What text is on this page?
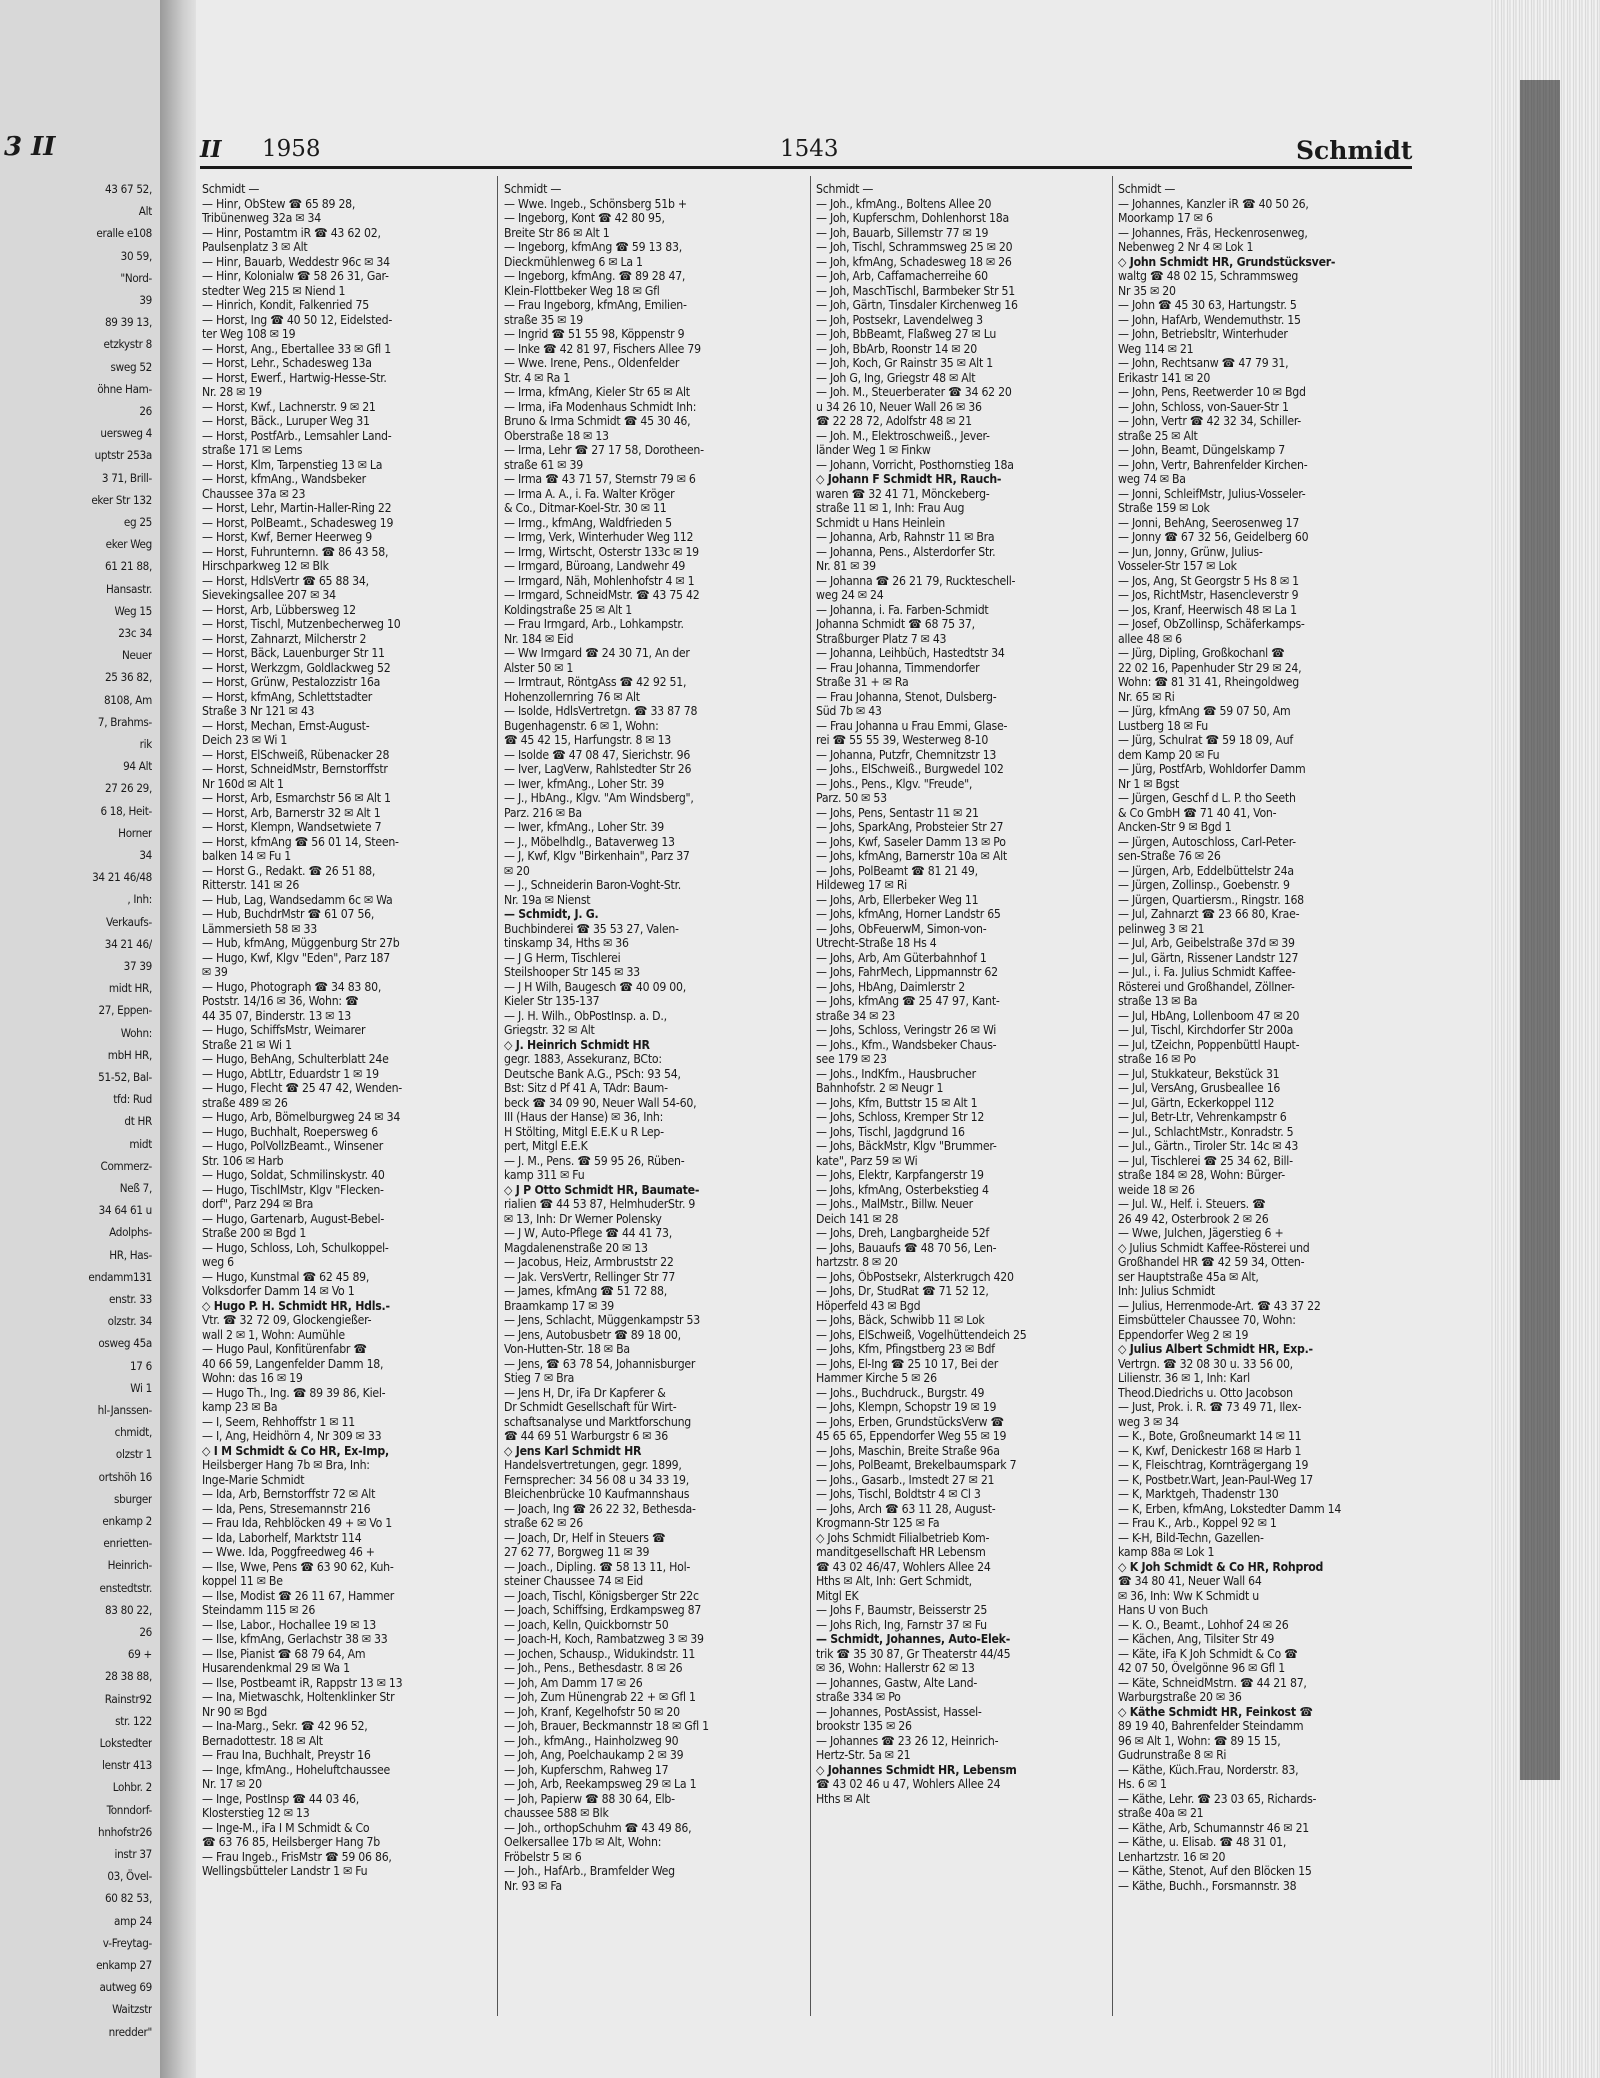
3 II
43 67 52,
Alt
eralle e108
30 59,
"Nord-
39
89 39 13,
etzkystr 8
sweg 52
öhne Ham-
26
uersweg 4
uptstr 253a
3 71, Brill-
eker Str 132
eg 25
eker Weg
61 21 88,
Hansastr.
Weg 15
23c 34
Neuer
25 36 82,
8108, Am
7, Brahms-
rik
94 Alt
27 26 29,
6 18, Heit-
Horner
34
34 21 46/48
, Inh:
Verkaufs-
34 21 46/
37 39
midt HR,
27, Eppen-
Wohn:
mbH HR,
51-52, Bal-
tfd: Rud
dt HR
midt
Commerz-
Neß 7,
34 64 61 u
Adolphs-
HR, Has-
endamm131
enstr. 33
olzstr. 34
osweg 45a
17 6
Wi 1
hl-Janssen-
chmidt,
olzstr 1
ortshöh 16
sburger
enkamp 2
enrietten-
Heinrich-
enstedtstr.
83 80 22,
26
69 +
28 38 88,
Rainstr92
str. 122
Lokstedter
lenstr 413
Lohbr. 2
Tonndorf-
hnhofstr26
instr 37
03, Övel-
60 82 53,
amp 24
v-Freytag-
enkamp 27
autweg 69
Waitzstr
nredder"
II 1958	1543	Schmidt
Schmidt —
— Hinr, ObStew ☎ 65 89 28,
Tribünenweg 32a ✉ 34
— Hinr, Postamtm iR ☎ 43 62 02,
Paulsenplatz 3 ✉ Alt
— Hinr, Bauarb, Weddestr 96c ✉ 34
— Hinr, Kolonialw ☎ 58 26 31, Gar-
stedter Weg 215 ✉ Niend 1
— Hinrich, Kondit, Falkenried 75
— Horst, Ing ☎ 40 50 12, Eidelsted-
ter Weg 108 ✉ 19
— Horst, Ang., Ebertallee 33 ✉ Gfl 1
— Horst, Lehr., Schadesweg 13a
— Horst, Ewerf., Hartwig-Hesse-Str.
Nr. 28 ✉ 19
— Horst, Kwf., Lachnerstr. 9 ✉ 21
— Horst, Bäck., Luruper Weg 31
— Horst, PostfArb., Lemsahler Land-
straße 171 ✉ Lems
— Horst, Klm, Tarpenstieg 13 ✉ La
— Horst, kfmAng., Wandsbeker
Chaussee 37a ✉ 23
— Horst, Lehr, Martin-Haller-Ring 22
— Horst, PolBeamt., Schadesweg 19
— Horst, Kwf, Berner Heerweg 9
— Horst, Fuhrunternn. ☎ 86 43 58,
Hirschparkweg 12 ✉ Blk
— Horst, HdlsVertr ☎ 65 88 34,
Sievekingsallee 207 ✉ 34
— Horst, Arb, Lübbersweg 12
— Horst, Tischl, Mutzenbecherweg 10
— Horst, Zahnarzt, Milcherstr 2
— Horst, Bäck, Lauenburger Str 11
— Horst, Werkzgm, Goldlackweg 52
— Horst, Grünw, Pestalozzistr 16a
— Horst, kfmAng, Schlettstadter
Straße 3 Nr 121 ✉ 43
— Horst, Mechan, Ernst-August-
Deich 23 ✉ Wi 1
— Horst, ElSchweiß, Rübenacker 28
— Horst, SchneidMstr, Bernstorffstr
Nr 160d ✉ Alt 1
— Horst, Arb, Esmarchstr 56 ✉ Alt 1
— Horst, Arb, Barnerstr 32 ✉ Alt 1
— Horst, Klempn, Wandsetwiete 7
— Horst, kfmAng ☎ 56 01 14, Steen-
balken 14 ✉ Fu 1
— Horst G., Redakt. ☎ 26 51 88,
Ritterstr. 141 ✉ 26
— Hub, Lag, Wandsedamm 6c ✉ Wa
— Hub, BuchdrMstr ☎ 61 07 56,
Lämmersieth 58 ✉ 33
— Hub, kfmAng, Müggenburg Str 27b
— Hugo, Kwf, Klgv "Eden", Parz 187
✉ 39
— Hugo, Photograph ☎ 34 83 80,
Poststr. 14/16 ✉ 36, Wohn: ☎
44 35 07, Binderstr. 13 ✉ 13
— Hugo, SchiffsMstr, Weimarer
Straße 21 ✉ Wi 1
— Hugo, BehAng, Schulterblatt 24e
— Hugo, AbtLtr, Eduardstr 1 ✉ 19
— Hugo, Flecht ☎ 25 47 42, Wenden-
straße 489 ✉ 26
— Hugo, Arb, Bömelburgweg 24 ✉ 34
— Hugo, Buchhalt, Roepersweg 6
— Hugo, PolVollzBeamt., Winsener
Str. 106 ✉ Harb
— Hugo, Soldat, Schmilinskystr. 40
— Hugo, TischlMstr, Klgv "Flecken-
dorf", Parz 294 ✉ Bra
— Hugo, Gartenarb, August-Bebel-
Straße 200 ✉ Bgd 1
— Hugo, Schloss, Loh, Schulkoppel-
weg 6
— Hugo, Kunstmal ☎ 62 45 89,
Volksdorfer Damm 14 ✉ Vo 1
◇ Hugo P. H. Schmidt HR, Hdls.-
Vtr. ☎ 32 72 09, Glockengießer-
wall 2 ✉ 1, Wohn: Aumühle
— Hugo Paul, Konfitürenfabr ☎
40 66 59, Langenfelder Damm 18,
Wohn: das 16 ✉ 19
— Hugo Th., Ing. ☎ 89 39 86, Kiel-
kamp 23 ✉ Ba
— I, Seem, Rehhoffstr 1 ✉ 11
— I, Ang, Heidhörn 4, Nr 309 ✉ 33
◇ I M Schmidt & Co HR, Ex-Imp,
Heilsberger Hang 7b ✉ Bra, Inh:
Inge-Marie Schmidt
— Ida, Arb, Bernstorffstr 72 ✉ Alt
— Ida, Pens, Stresemannstr 216
— Frau Ida, Rehblöcken 49 + ✉ Vo 1
— Ida, Laborhelf, Marktstr 114
— Wwe. Ida, Poggfreedweg 46 +
— Ilse, Wwe, Pens ☎ 63 90 62, Kuh-
koppel 11 ✉ Be
— Ilse, Modist ☎ 26 11 67, Hammer
Steindamm 115 ✉ 26
— Ilse, Labor., Hochallee 19 ✉ 13
— Ilse, kfmAng, Gerlachstr 38 ✉ 33
— Ilse, Pianist ☎ 68 79 64, Am
Husarendenkmal 29 ✉ Wa 1
— Ilse, Postbeamt iR, Rappstr 13 ✉ 13
— Ina, Mietwaschk, Holtenklinker Str
Nr 90 ✉ Bgd
— Ina-Marg., Sekr. ☎ 42 96 52,
Bernadottestr. 18 ✉ Alt
— Frau Ina, Buchhalt, Preystr 16
— Inge, kfmAng., Hoheluftchaussee
Nr. 17 ✉ 20
— Inge, PostInsp ☎ 44 03 46,
Klosterstieg 12 ✉ 13
— Inge-M., iFa I M Schmidt & Co
☎ 63 76 85, Heilsberger Hang 7b
— Frau Ingeb., FrisMstr ☎ 59 06 86,
Wellingsbütteler Landstr 1 ✉ Fu
Schmidt —
— Wwe. Ingeb., Schönsberg 51b +
— Ingeborg, Kont ☎ 42 80 95,
Breite Str 86 ✉ Alt 1
— Ingeborg, kfmAng ☎ 59 13 83,
Dieckmühlenweg 6 ✉ La 1
— Ingeborg, kfmAng. ☎ 89 28 47,
Klein-Flottbeker Weg 18 ✉ Gfl
— Frau Ingeborg, kfmAng, Emilien-
straße 35 ✉ 19
— Ingrid ☎ 51 55 98, Köppenstr 9
— Inke ☎ 42 81 97, Fischers Allee 79
— Wwe. Irene, Pens., Oldenfelder
Str. 4 ✉ Ra 1
— Irma, kfmAng, Kieler Str 65 ✉ Alt
— Irma, iFa Modenhaus Schmidt Inh:
Bruno & Irma Schmidt ☎ 45 30 46,
Oberstraße 18 ✉ 13
— Irma, Lehr ☎ 27 17 58, Dorotheen-
straße 61 ✉ 39
— Irma ☎ 43 71 57, Sternstr 79 ✉ 6
— Irma A. A., i. Fa. Walter Kröger
& Co., Ditmar-Koel-Str. 30 ✉ 11
— Irmg., kfmAng, Waldfrieden 5
— Irmg, Verk, Winterhuder Weg 112
— Irmg, Wirtscht, Osterstr 133c ✉ 19
— Irmgard, Büroang, Landwehr 49
— Irmgard, Näh, Mohlenhofstr 4 ✉ 1
— Irmgard, SchneidMstr. ☎ 43 75 42
Koldingstraße 25 ✉ Alt 1
— Frau Irmgard, Arb., Lohkampstr.
Nr. 184 ✉ Eid
— Ww Irmgard ☎ 24 30 71, An der
Alster 50 ✉ 1
— Irmtraut, RöntgAss ☎ 42 92 51,
Hohenzollernring 76 ✉ Alt
— Isolde, HdlsVertretgn. ☎ 33 87 78
Bugenhagenstr. 6 ✉ 1, Wohn:
☎ 45 42 15, Harfungstr. 8 ✉ 13
— Isolde ☎ 47 08 47, Sierichstr. 96
— Iver, LagVerw, Rahlstedter Str 26
— Iwer, kfmAng., Loher Str. 39
— J., HbAng., Klgv. "Am Windsberg",
Parz. 216 ✉ Ba
— Iwer, kfmAng., Loher Str. 39
— J., Möbelhdlg., Bataverweg 13
— J, Kwf, Klgv "Birkenhain", Parz 37
✉ 20
— J., Schneiderin Baron-Voght-Str.
Nr. 19a ✉ Nienst
— Schmidt, J. G.
Buchbinderei ☎ 35 53 27, Valen-
tinskamp 34, Hths ✉ 36
— J G Herm, Tischlerei
Steilshooper Str 145 ✉ 33
— J H Wilh, Baugesch ☎ 40 09 00,
Kieler Str 135-137
— J. H. Wilh., ObPostInsp. a. D.,
Griegstr. 32 ✉ Alt
◇ J. Heinrich Schmidt HR
gegr. 1883, Assekuranz, BCto:
Deutsche Bank A.G., PSch: 93 54,
Bst: Sitz d Pf 41 A, TAdr: Baum-
beck ☎ 34 09 90, Neuer Wall 54-60,
III (Haus der Hanse) ✉ 36, Inh:
H Stölting, Mitgl E.E.K u R Lep-
pert, Mitgl E.E.K
— J. M., Pens. ☎ 59 95 26, Rüben-
kamp 311 ✉ Fu
◇ J P Otto Schmidt HR, Baumate-
rialien ☎ 44 53 87, HelmhuderStr. 9
✉ 13, Inh: Dr Werner Polensky
— J W, Auto-Pflege ☎ 44 41 73,
Magdalenenstraße 20 ✉ 13
— Jacobus, Heiz, Armbruststr 22
— Jak. VersVertr, Rellinger Str 77
— James, kfmAng ☎ 51 72 88,
Braamkamp 17 ✉ 39
— Jens, Schlacht, Müggenkampstr 53
— Jens, Autobusbetr ☎ 89 18 00,
Von-Hutten-Str. 18 ✉ Ba
— Jens, ☎ 63 78 54, Johannisburger
Stieg 7 ✉ Bra
— Jens H, Dr, iFa Dr Kapferer &
Dr Schmidt Gesellschaft für Wirt-
schaftsanalyse und Marktforschung
☎ 44 69 51 Warburgstr 6 ✉ 36
◇ Jens Karl Schmidt HR
Handelsvertretungen, gegr. 1899,
Fernsprecher: 34 56 08 u 34 33 19,
Bleichenbrücke 10 Kaufmannshaus
— Joach, Ing ☎ 26 22 32, Bethesda-
straße 62 ✉ 26
— Joach, Dr, Helf in Steuers ☎
27 62 77, Borgweg 11 ✉ 39
— Joach., Dipling. ☎ 58 13 11, Hol-
steiner Chaussee 74 ✉ Eid
— Joach, Tischl, Königsberger Str 22c
— Joach, Schiffsing, Erdkampsweg 87
— Joach, Kelln, Quickbornstr 50
— Joach-H, Koch, Rambatzweg 3 ✉ 39
— Jochen, Schausp., Widukindstr. 11
— Joh., Pens., Bethesdastr. 8 ✉ 26
— Joh, Am Damm 17 ✉ 26
— Joh, Zum Hünengrab 22 + ✉ Gfl 1
— Joh, Kranf, Kegelhofstr 50 ✉ 20
— Joh, Brauer, Beckmannstr 18 ✉ Gfl 1
— Joh., kfmAng., Hainholzweg 90
— Joh, Ang, Poelchaukamp 2 ✉ 39
— Joh, Kupferschm, Rahweg 17
— Joh, Arb, Reekampsweg 29 ✉ La 1
— Joh, Papierw ☎ 88 30 64, Elb-
chaussee 588 ✉ Blk
— Joh., orthopSchuhm ☎ 43 49 86,
Oelkersallee 17b ✉ Alt, Wohn:
Fröbelstr 5 ✉ 6
— Joh., HafArb., Bramfelder Weg
Nr. 93 ✉ Fa
Schmidt —
— Joh., kfmAng., Boltens Allee 20
— Joh, Kupferschm, Dohlenhorst 18a
— Joh, Bauarb, Sillemstr 77 ✉ 19
— Joh, Tischl, Schrammsweg 25 ✉ 20
— Joh, kfmAng, Schadesweg 18 ✉ 26
— Joh, Arb, Caffamacherreihe 60
— Joh, MaschTischl, Barmbeker Str 51
— Joh, Gärtn, Tinsdaler Kirchenweg 16
— Joh, Postsekr, Lavendelweg 3
— Joh, BbBeamt, Flaßweg 27 ✉ Lu
— Joh, BbArb, Roonstr 14 ✉ 20
— Joh, Koch, Gr Rainstr 35 ✉ Alt 1
— Joh G, Ing, Griegstr 48 ✉ Alt
— Joh. M., Steuerberater ☎ 34 62 20
u 34 26 10, Neuer Wall 26 ✉ 36
☎ 22 28 72, Adolfstr 48 ✉ 21
— Joh. M., Elektroschweiß., Jever-
länder Weg 1 ✉ Finkw
— Johann, Vorricht, Posthornstieg 18a
◇ Johann F Schmidt HR, Rauch-
waren ☎ 32 41 71, Mönckeberg-
straße 11 ✉ 1, Inh: Frau Aug
Schmidt u Hans Heinlein
— Johanna, Arb, Rahnstr 11 ✉ Bra
— Johanna, Pens., Alsterdorfer Str.
Nr. 81 ✉ 39
— Johanna ☎ 26 21 79, Ruckteschell-
weg 24 ✉ 24
— Johanna, i. Fa. Farben-Schmidt
Johanna Schmidt ☎ 68 75 37,
Straßburger Platz 7 ✉ 43
— Johanna, Leihbüch, Hastedtstr 34
— Frau Johanna, Timmendorfer
Straße 31 + ✉ Ra
— Frau Johanna, Stenot, Dulsberg-
Süd 7b ✉ 43
— Frau Johanna u Frau Emmi, Glase-
rei ☎ 55 55 39, Westerweg 8-10
— Johanna, Putzfr, Chemnitzstr 13
— Johs., ElSchweiß., Burgwedel 102
— Johs., Pens., Klgv. "Freude",
Parz. 50 ✉ 53
— Johs, Pens, Sentastr 11 ✉ 21
— Johs, SparkAng, Probsteier Str 27
— Johs, Kwf, Saseler Damm 13 ✉ Po
— Johs, kfmAng, Barnerstr 10a ✉ Alt
— Johs, PolBeamt ☎ 81 21 49,
Hildeweg 17 ✉ Ri
— Johs, Arb, Ellerbeker Weg 11
— Johs, kfmAng, Horner Landstr 65
— Johs, ObFeuerwM, Simon-von-
Utrecht-Straße 18 Hs 4
— Johs, Arb, Am Güterbahnhof 1
— Johs, FahrMech, Lippmannstr 62
— Johs, HbAng, Daimlerstr 2
— Johs, kfmAng ☎ 25 47 97, Kant-
straße 34 ✉ 23
— Johs, Schloss, Veringstr 26 ✉ Wi
— Johs., Kfm., Wandsbeker Chaus-
see 179 ✉ 23
— Johs., IndKfm., Hausbrucher
Bahnhofstr. 2 ✉ Neugr 1
— Johs, Kfm, Buttstr 15 ✉ Alt 1
— Johs, Schloss, Kremper Str 12
— Johs, Tischl, Jagdgrund 16
— Johs, BäckMstr, Klgv "Brummer-
kate", Parz 59 ✉ Wi
— Johs, Elektr, Karpfangerstr 19
— Johs, kfmAng, Osterbekstieg 4
— Johs., MalMstr., Billw. Neuer
Deich 141 ✉ 28
— Johs, Dreh, Langbargheide 52f
— Johs, Bauaufs ☎ 48 70 56, Len-
hartzstr. 8 ✉ 20
— Johs, ÖbPostsekr, Alsterkrugch 420
— Johs, Dr, StudRat ☎ 71 52 12,
Höperfeld 43 ✉ Bgd
— Johs, Bäck, Schwibb 11 ✉ Lok
— Johs, ElSchweiß, Vogelhüttendeich 25
— Johs, Kfm, Pfingstberg 23 ✉ Bdf
— Johs, El-Ing ☎ 25 10 17, Bei der
Hammer Kirche 5 ✉ 26
— Johs., Buchdruck., Burgstr. 49
— Johs, Klempn, Schopstr 19 ✉ 19
— Johs, Erben, GrundstücksVerw ☎
45 65 65, Eppendorfer Weg 55 ✉ 19
— Johs, Maschin, Breite Straße 96a
— Johs, PolBeamt, Brekelbaumspark 7
— Johs., Gasarb., Imstedt 27 ✉ 21
— Johs, Tischl, Boldtstr 4 ✉ Cl 3
— Johs, Arch ☎ 63 11 28, August-
Krogmann-Str 125 ✉ Fa
◇ Johs Schmidt Filialbetrieb Kom-
manditgesellschaft HR Lebensm
☎ 43 02 46/47, Wohlers Allee 24
Hths ✉ Alt, Inh: Gert Schmidt,
Mitgl EK
— Johs F, Baumstr, Beisserstr 25
— Johs Rich, Ing, Farnstr 37 ✉ Fu
— Schmidt, Johannes, Auto-Elek-
trik ☎ 35 30 87, Gr Theaterstr 44/45
✉ 36, Wohn: Hallerstr 62 ✉ 13
— Johannes, Gastw, Alte Land-
straße 334 ✉ Po
— Johannes, PostAssist, Hassel-
brookstr 135 ✉ 26
— Johannes ☎ 23 26 12, Heinrich-
Hertz-Str. 5a ✉ 21
◇ Johannes Schmidt HR, Lebensm
☎ 43 02 46 u 47, Wohlers Allee 24
Hths ✉ Alt
Schmidt —
— Johannes, Kanzler iR ☎ 40 50 26,
Moorkamp 17 ✉ 6
— Johannes, Fräs, Heckenrosenweg,
Nebenweg 2 Nr 4 ✉ Lok 1
◇ John Schmidt HR, Grundstücksver-
waltg ☎ 48 02 15, Schrammsweg
Nr 35 ✉ 20
— John ☎ 45 30 63, Hartungstr. 5
— John, HafArb, Wendemuthstr. 15
— John, Betriebsltr, Winterhuder
Weg 114 ✉ 21
— John, Rechtsanw ☎ 47 79 31,
Erikastr 141 ✉ 20
— John, Pens, Reetwerder 10 ✉ Bgd
— John, Schloss, von-Sauer-Str 1
— John, Vertr ☎ 42 32 34, Schiller-
straße 25 ✉ Alt
— John, Beamt, Düngelskamp 7
— John, Vertr, Bahrenfelder Kirchen-
weg 74 ✉ Ba
— Jonni, SchleifMstr, Julius-Vosseler-
Straße 159 ✉ Lok
— Jonni, BehAng, Seerosenweg 17
— Jonny ☎ 67 32 56, Geidelberg 60
— Jun, Jonny, Grünw, Julius-
Vosseler-Str 157 ✉ Lok
— Jos, Ang, St Georgstr 5 Hs 8 ✉ 1
— Jos, RichtMstr, Hasencleverstr 9
— Jos, Kranf, Heerwisch 48 ✉ La 1
— Josef, ObZollinsp, Schäferkamps-
allee 48 ✉ 6
— Jürg, Dipling, Großkochanl ☎
22 02 16, Papenhuder Str 29 ✉ 24,
Wohn: ☎ 81 31 41, Rheingoldweg
Nr. 65 ✉ Ri
— Jürg, kfmAng ☎ 59 07 50, Am
Lustberg 18 ✉ Fu
— Jürg, Schulrat ☎ 59 18 09, Auf
dem Kamp 20 ✉ Fu
— Jürg, PostfArb, Wohldorfer Damm
Nr 1 ✉ Bgst
— Jürgen, Geschf d L. P. tho Seeth
& Co GmbH ☎ 71 40 41, Von-
Ancken-Str 9 ✉ Bgd 1
— Jürgen, Autoschloss, Carl-Peter-
sen-Straße 76 ✉ 26
— Jürgen, Arb, Eddelbüttelstr 24a
— Jürgen, Zollinsp., Goebenstr. 9
— Jürgen, Quartiersm., Ringstr. 168
— Jul, Zahnarzt ☎ 23 66 80, Krae-
pelinweg 3 ✉ 21
— Jul, Arb, Geibelstraße 37d ✉ 39
— Jul, Gärtn, Rissener Landstr 127
— Jul., i. Fa. Julius Schmidt Kaffee-
Rösterei und Großhandel, Zöllner-
straße 13 ✉ Ba
— Jul, HbAng, Lollenboom 47 ✉ 20
— Jul, Tischl, Kirchdorfer Str 200a
— Jul, tZeichn, Poppenbüttl Haupt-
straße 16 ✉ Po
— Jul, Stukkateur, Bekstück 31
— Jul, VersAng, Grusbeallee 16
— Jul, Gärtn, Eckerkoppel 112
— Jul, Betr-Ltr, Vehrenkampstr 6
— Jul., SchlachtMstr., Konradstr. 5
— Jul., Gärtn., Tiroler Str. 14c ✉ 43
— Jul, Tischlerei ☎ 25 34 62, Bill-
straße 184 ✉ 28, Wohn: Bürger-
weide 18 ✉ 26
— Jul. W., Helf. i. Steuers. ☎
26 49 42, Osterbrook 2 ✉ 26
— Wwe, Julchen, Jägerstieg 6 +
◇ Julius Schmidt Kaffee-Rösterei und
Großhandel HR ☎ 42 59 34, Otten-
ser Hauptstraße 45a ✉ Alt,
Inh: Julius Schmidt
— Julius, Herrenmode-Art. ☎ 43 37 22
Eimsbütteler Chaussee 70, Wohn:
Eppendorfer Weg 2 ✉ 19
◇ Julius Albert Schmidt HR, Exp.-
Vertrgn. ☎ 32 08 30 u. 33 56 00,
Lilienstr. 36 ✉ 1, Inh: Karl
Theod.Diedrichs u. Otto Jacobson
— Just, Prok. i. R. ☎ 73 49 71, Ilex-
weg 3 ✉ 34
— K., Bote, Großneumarkt 14 ✉ 11
— K, Kwf, Denickestr 168 ✉ Harb 1
— K, Fleischtrag, Kornträgergang 19
— K, Postbetr.Wart, Jean-Paul-Weg 17
— K, Marktgeh, Thadenstr 130
— K, Erben, kfmAng, Lokstedter Damm 14
— Frau K., Arb., Koppel 92 ✉ 1
— K-H, Bild-Techn, Gazellen-
kamp 88a ✉ Lok 1
◇ K Joh Schmidt & Co HR, Rohprod
☎ 34 80 41, Neuer Wall 64
✉ 36, Inh: Ww K Schmidt u
Hans U von Buch
— K. O., Beamt., Lohhof 24 ✉ 26
— Kächen, Ang, Tilsiter Str 49
— Käte, iFa K Joh Schmidt & Co ☎
42 07 50, Övelgönne 96 ✉ Gfl 1
— Käte, SchneidMstrn. ☎ 44 21 87,
Warburgstraße 20 ✉ 36
◇ Käthe Schmidt HR, Feinkost ☎
89 19 40, Bahrenfelder Steindamm
96 ✉ Alt 1, Wohn: ☎ 89 15 15,
Gudrunstraße 8 ✉ Ri
— Käthe, Küch.Frau, Norderstr. 83,
Hs. 6 ✉ 1
— Käthe, Lehr. ☎ 23 03 65, Richards-
straße 40a ✉ 21
— Käthe, Arb, Schumannstr 46 ✉ 21
— Käthe, u. Elisab. ☎ 48 31 01,
Lenhartzstr. 16 ✉ 20
— Käthe, Stenot, Auf den Blöcken 15
— Käthe, Buchh., Forsmannstr. 38
